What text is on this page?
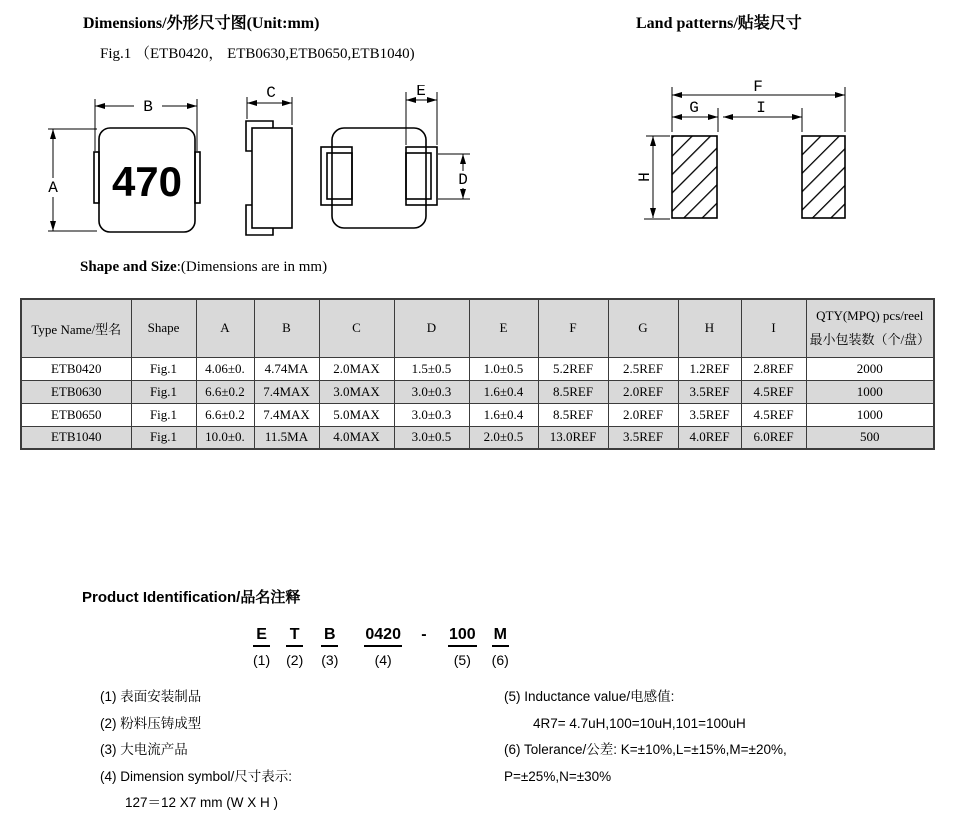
Dimensions/外形尺寸图(Unit:mm)	Land patterns/贴装尺寸
Fig.1 （ETB0420， ETB0630,ETB0650,ETB1040)
470
B
A
C	E
D
F
G	I
H
Shape and Size:(Dimensions are in mm)
Type Name/型名	Shape	A	B	C	D	E	F	G	H	I	QTY(MPQ) pcs/reel
最小包装数（个/盘）

ETB0420	Fig.1	4.06±0.	4.74MA	2.0MAX	1.5±0.5	1.0±0.5	5.2REF	2.5REF	1.2REF	2.8REF	2000
ETB0630	Fig.1	6.6±0.2	7.4MAX	3.0MAX	3.0±0.3	1.6±0.4	8.5REF	2.0REF	3.5REF	4.5REF	1000
ETB0650	Fig.1	6.6±0.2	7.4MAX	5.0MAX	3.0±0.3	1.6±0.4	8.5REF	2.0REF	3.5REF	4.5REF	1000
ETB1040	Fig.1	10.0±0.	11.5MA	4.0MAX	3.0±0.5	2.0±0.5	13.0REF	3.5REF	4.0REF	6.0REF	500
Product Identification/品名注释
E
(1)
T
(2)
B
(3)
0420
(4)
- 100
(5)
M
(6)
(1) 表面安装制品
(2) 粉料压铸成型
(3) 大电流产品
(4) Dimension symbol/尺寸表示:
127＝12 X7 mm (W X H )
(5) Inductance value/电感值:
4R7= 4.7uH,100=10uH,101=100uH
(6) Tolerance/公差: K=±10%,L=±15%,M=±20%,
P=±25%,N=±30%
